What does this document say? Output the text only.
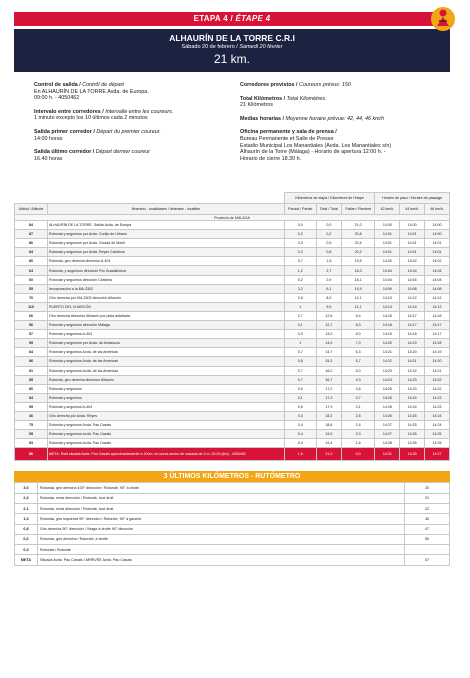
ETAPA 4 / ÉTAPE 4
ALHAURÍN DE LA TORRE C.R.I
Sábado 20 de febrero / Samedi 20 février
21 km.
Control de salida / Contrôl de départ
En ALHAURÍN DE LA TORRE Avda. de Europa.
09:00 h. - 4050462
Intervalo entre corredores / Intervalle entre les coureurs.
1 minuto excepto los 10 últimos cada 2 minutos
Salida primer corredor / Départ du premier coureur.
14:00 horas
Salida último corredor / Départ dernier coureur
16.40 horas
Corredores previstos / Coureurs prévus: 150
Total Kilómetros / Total Kilomètres.
21 Kilómetros
Medias horarias / Moyenne horaire prévue: 42, 44, 46 km/h
Oficina permanente y sala de prensa /
Bureau Permanente et Salle de Presse
Estadio Municipal Los Manantiales (Avda. Los Manantiales s/n)
Alhaurín de la Torre (Málaga) - Horario de apertura 12:00 h. -
Horario de cierre 18.30 h.
		Kilómetros de etapa / Kilomètres de l'étape			Horario de paso / Horaire de passage		
Altitud / Altitude	Itinerario - localidades / Itinéraire - localités	Parcial / Partiel	Total / Total	Faltan / Restent	42 km/h.	44 km/h.	46 km/h.
Provincia de MÁLAGA							
84	ALHAURÍN DE LA TORRE. Salida Avda. de Europa	0,0	0,0	21,0	14:00	14:00	14:00
87	Rotonda y seguimos por Avda. Cortijo de Urbano	0,2	0,2	20,8	14:01	14:01	14:00
86	Rotonda y seguimos por Avda. Ciudad de Motril	0,3	0,5	20,5	14:01	14:01	14:01
84	Rotonda y seguimos por Avda. Reyes Católicos	0,3	0,8	20,2	14:01	14:01	14:01
80	Rotonda, giro derecha dirección A-404	0,7	1,5	19,5	14:02	14:02	14:02
64	Rotonda, y seguimos dirección Río Guadalhorce	1,2	2,7	18,3	14:04	14:04	14:04
60	Rotonda y seguimos dirección Cártama	0,2	2,9	18,1	14:04	14:04	14:04
55	Incorporación a la MA-3302	3,2	6,1	14,9	14:09	14:08	14:08
70	Giro derecha por MA-3302 dirección Alhaurín	2,8	8,9	12,1	14:13	14:12	14:12
110	PUERTO DEL CHARCÓN	1	9,9	11,1	14:14	14:14	14:13
66	Giro derecha dirección Alhaurín por pista asfaltada	2,7	12,6	8,4	14:18	14:17	14:16
56	Rotonda y seguimos dirección Málaga	0,1	12,7	8,3	14:18	14:17	14:17
57	Rotonda y seguimos A-404	0,3	13,0	8,0	14:19	14:18	14:17
59	Rotonda y seguimos por Avda. de Andalucía	1	14,0	7,0	14:20	14:19	14:18
84	Rotonda y seguimos Avda. de las Américas	0,7	14,7	6,3	14:21	14:20	14:19
86	Rotonda y seguimos Avda. de las Américas	0,6	15,3	5,7	14:22	14:21	14:20
91	Rotonda y seguimos Avda. de las Américas	0,7	16,0	5,0	14:23	14:22	14:21
85	Rotonda, giro derecha dirección Alhaurín	0,7	16,7	4,3	14:24	14:23	14:22
80	Rotonda y seguimos	0,5	17,2	3,8	14:25	14:23	14:22
84	Rotonda y seguimos	0,1	17,3	3,7	14:25	14:24	14:23
55	Rotonda y seguimos A-404	0,6	17,9	3,1	14:26	14:24	14:23
46	Giro derecha por Avda. Reyes	0,3	18,2	2,8	14:26	14:25	14:24
75	Rotonda y seguimos Avda. Pau Casals	0,4	18,6	2,4	14:27	14:25	14:24
95	Rotonda y seguimos Avda. Pau Casals	0,4	19,0	2,0	14:27	14:26	14:25
93	Rotonda y seguimos Avda. Pau Casals	0,4	19,4	1,6	14:28	14:26	14:25
86	META. Está situada Avda. Pau Casals aproximadamente a 100m. en curva ancho de calzada de 4 m. 20.00 (km) - 4050462	1,6	21,0	0,0	14:31	14:30	14:27
3 ÚLTIMOS KILÓMETROS - RUTÓMETRO
3,0	Rotonda, giro derecha 100° dirección / Rotonde, 90° à droite	20
2,3	Rotonda, recta dirección / Rotonde, tout droit	21
2,1	Rotonda, recta dirección / Rotonde, tout droit	22
1,3	Rotonda, giro izquierda 90° dirección / Rotonde, 90° à gauche	45
0,8	Giro derecha 90° dirección / Virage à droite 90° dirección	47
0,6	Rotonda, giro derecha / Rotonde, à droite	50
0,3	Rotonda / Rotonde	
META	Situada Avda. Pau Casals / ARRIVÉE Avda. Pau Casals	57
